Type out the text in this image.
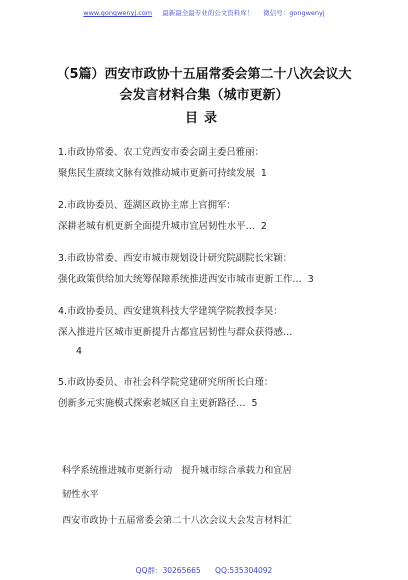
www.gongwenyj.com 最新最全最专业的公文资料库！ 微信号：gongwenyj
（5篇）西安市政协十五届常委会第二十八次会议大
会发言材料合集（城市更新）
目录
1.市政协常委、农工党西安市委会副主委吕雅丽：
聚焦民生赓续文脉有效推动城市更新可持续发展 1
2.市政协委员、莲湖区政协主席上官拥军：
深耕老城有机更新全面提升城市宜居韧性水平… 2
3.市政协常委、西安市城市规划设计研究院副院长宋颖：
强化政策供给加大统筹保障系统推进西安市城市更新工作… 3
4.市政协委员、西安建筑科技大学建筑学院教授李昊：
深入推进片区城市更新提升古都宜居韧性与群众获得感…
4
5.市政协委员、市社会科学院党建研究所所长白瑾：
创新多元实施模式探索老城区自主更新路径… 5
科学系统推进城市更新行动　提升城市综合承载力和宜居
韧性水平
西安市政协十五届常委会第二十八次会议大会发言材料汇
QQ群：30265665 QQ:535304092
